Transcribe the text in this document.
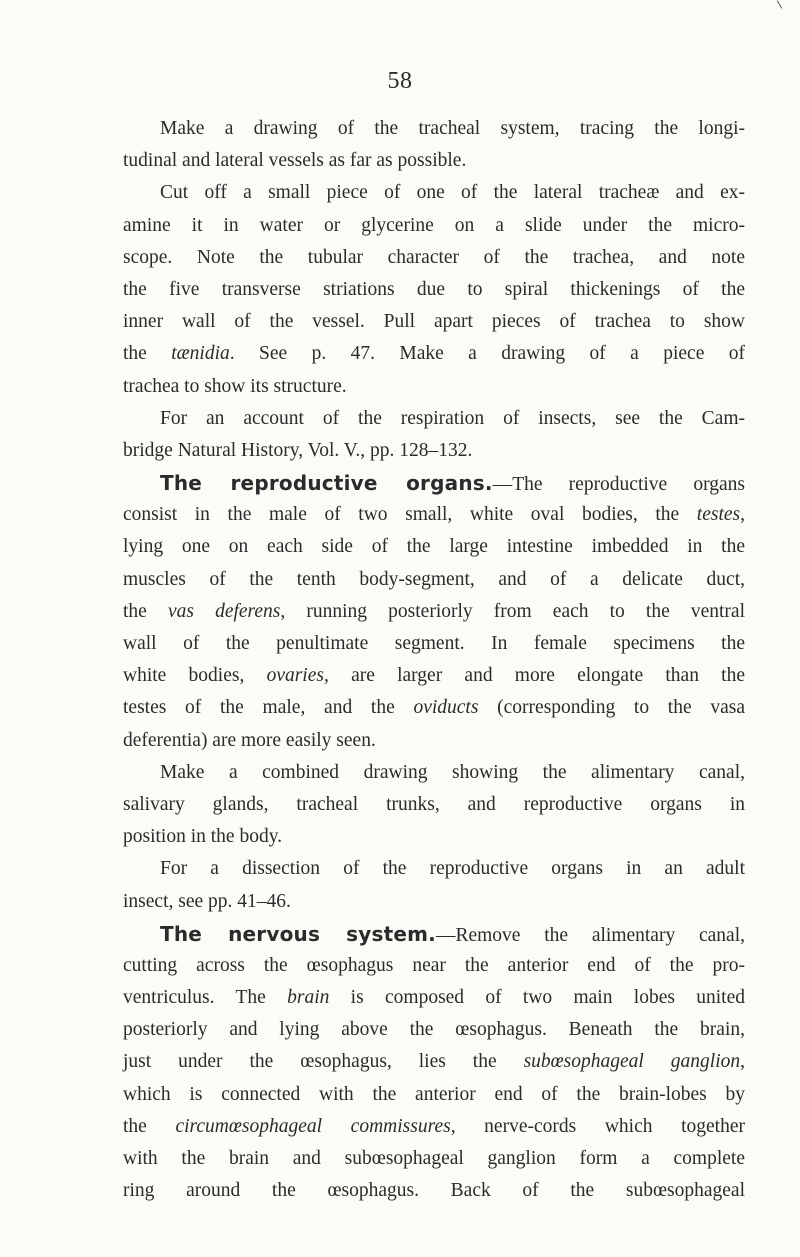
58
Make a drawing of the tracheal system, tracing the longi-
tudinal and lateral vessels as far as possible.
Cut off a small piece of one of the lateral tracheæ and ex-
amine it in water or glycerine on a slide under the micro-
scope. Note the tubular character of the trachea, and note
the five transverse striations due to spiral thickenings of the
inner wall of the vessel. Pull apart pieces of trachea to show
the tænidia. See p. 47. Make a drawing of a piece of
trachea to show its structure.
For an account of the respiration of insects, see the Cam-
bridge Natural History, Vol. V., pp. 128–132.
The reproductive organs.—The reproductive organs
consist in the male of two small, white oval bodies, the testes,
lying one on each side of the large intestine imbedded in the
muscles of the tenth body-segment, and of a delicate duct,
the vas deferens, running posteriorly from each to the ventral
wall of the penultimate segment. In female specimens the
white bodies, ovaries, are larger and more elongate than the
testes of the male, and the oviducts (corresponding to the vasa
deferentia) are more easily seen.
Make a combined drawing showing the alimentary canal,
salivary glands, tracheal trunks, and reproductive organs in
position in the body.
For a dissection of the reproductive organs in an adult
insect, see pp. 41–46.
The nervous system.—Remove the alimentary canal,
cutting across the œsophagus near the anterior end of the pro-
ventriculus. The brain is composed of two main lobes united
posteriorly and lying above the œsophagus. Beneath the brain,
just under the œsophagus, lies the subœsophageal ganglion,
which is connected with the anterior end of the brain-lobes by
the circumœsophageal commissures, nerve-cords which together
with the brain and subœsophageal ganglion form a complete
ring around the œsophagus. Back of the subœsophageal
